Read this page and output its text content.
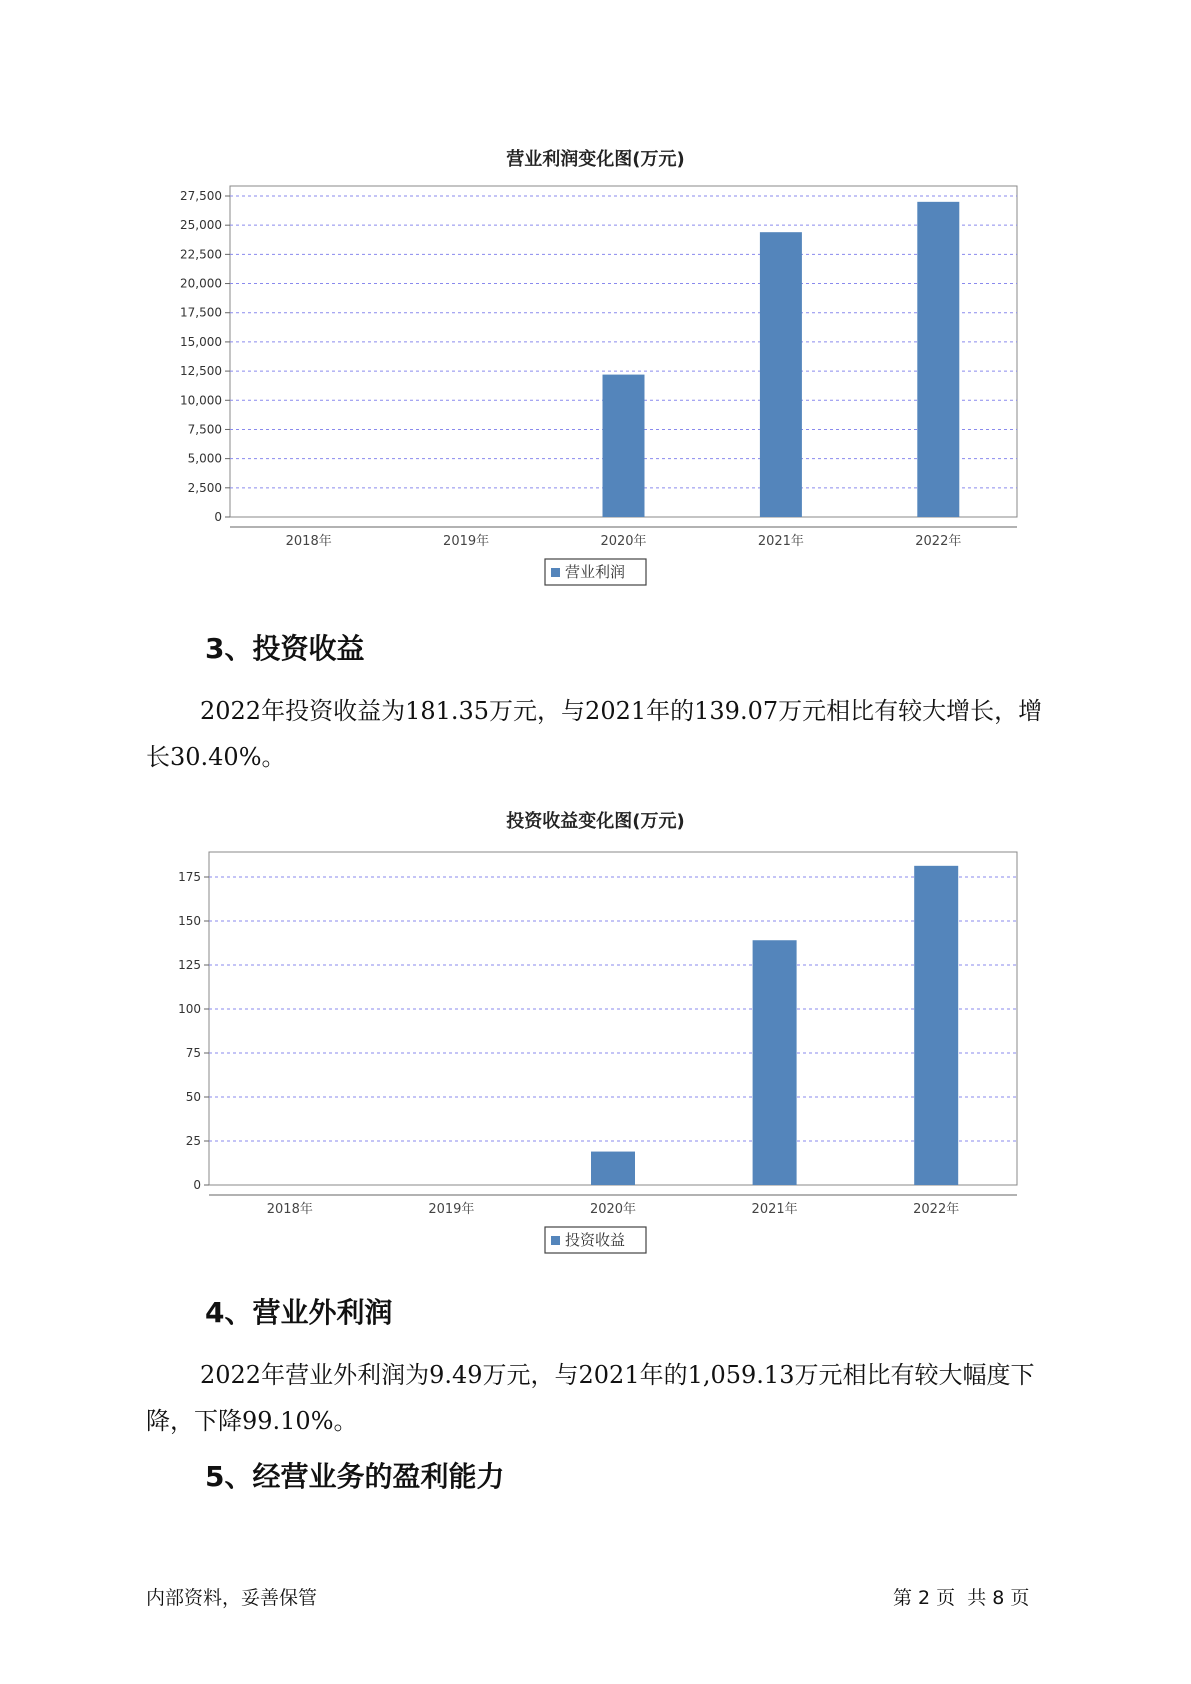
营业利润变化图(万元)
0
2,500
5,000
7,500
10,000
12,500
15,000
17,500
20,000
22,500
25,000
27,500
2018年	2019年	2020年	2021年	2022年
营业利润
3、投资收益

2022年投资收益为181.35万元，与2021年的139.07万元相比有较大增长，增长30.40%。

投资收益变化图(万元)
0
25
50
75
100
125
150
175
2018年	2019年	2020年	2021年	2022年
投资收益
4、营业外利润

2022年营业外利润为9.49万元，与2021年的1,059.13万元相比有较大幅度下降，下降99.10%。

5、经营业务的盈利能力
内部资料，妥善保管	第 2 页  共 8 页
